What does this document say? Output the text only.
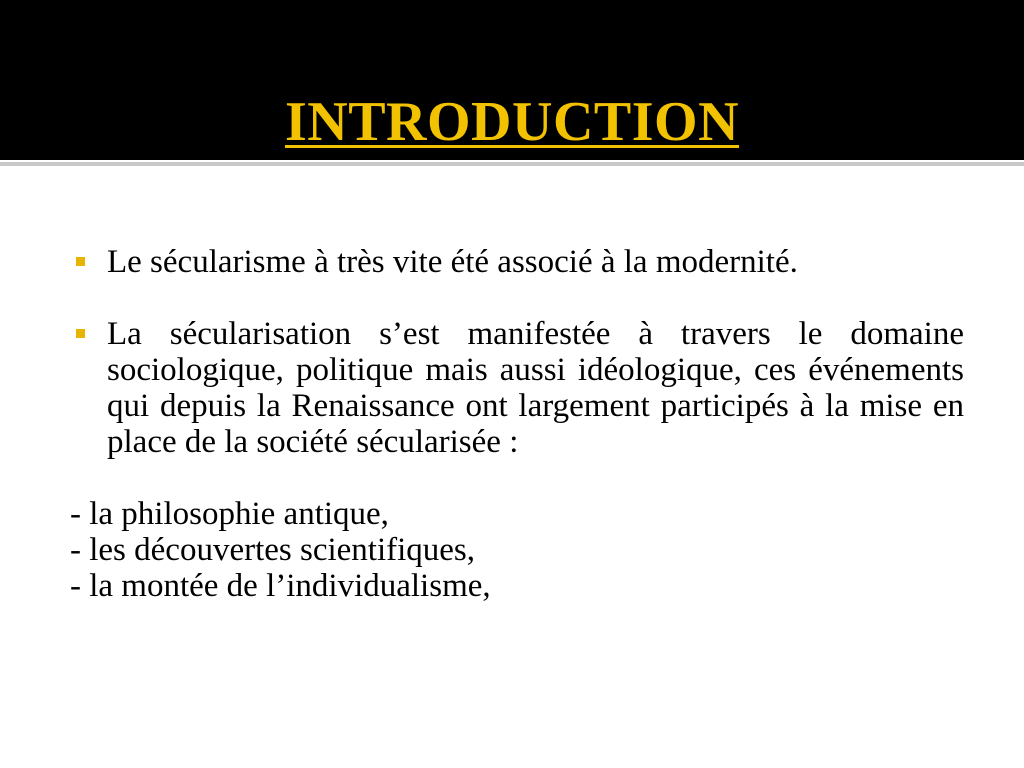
INTRODUCTION
Le sécularisme à très vite été associé à la modernité.
La sécularisation s’est manifestée à travers le domaine sociologique, politique mais aussi idéologique, ces événements qui depuis la Renaissance ont largement participés à la mise en place de la société sécularisée :
- la philosophie antique,
- les découvertes scientifiques,
- la montée de l’individualisme,
